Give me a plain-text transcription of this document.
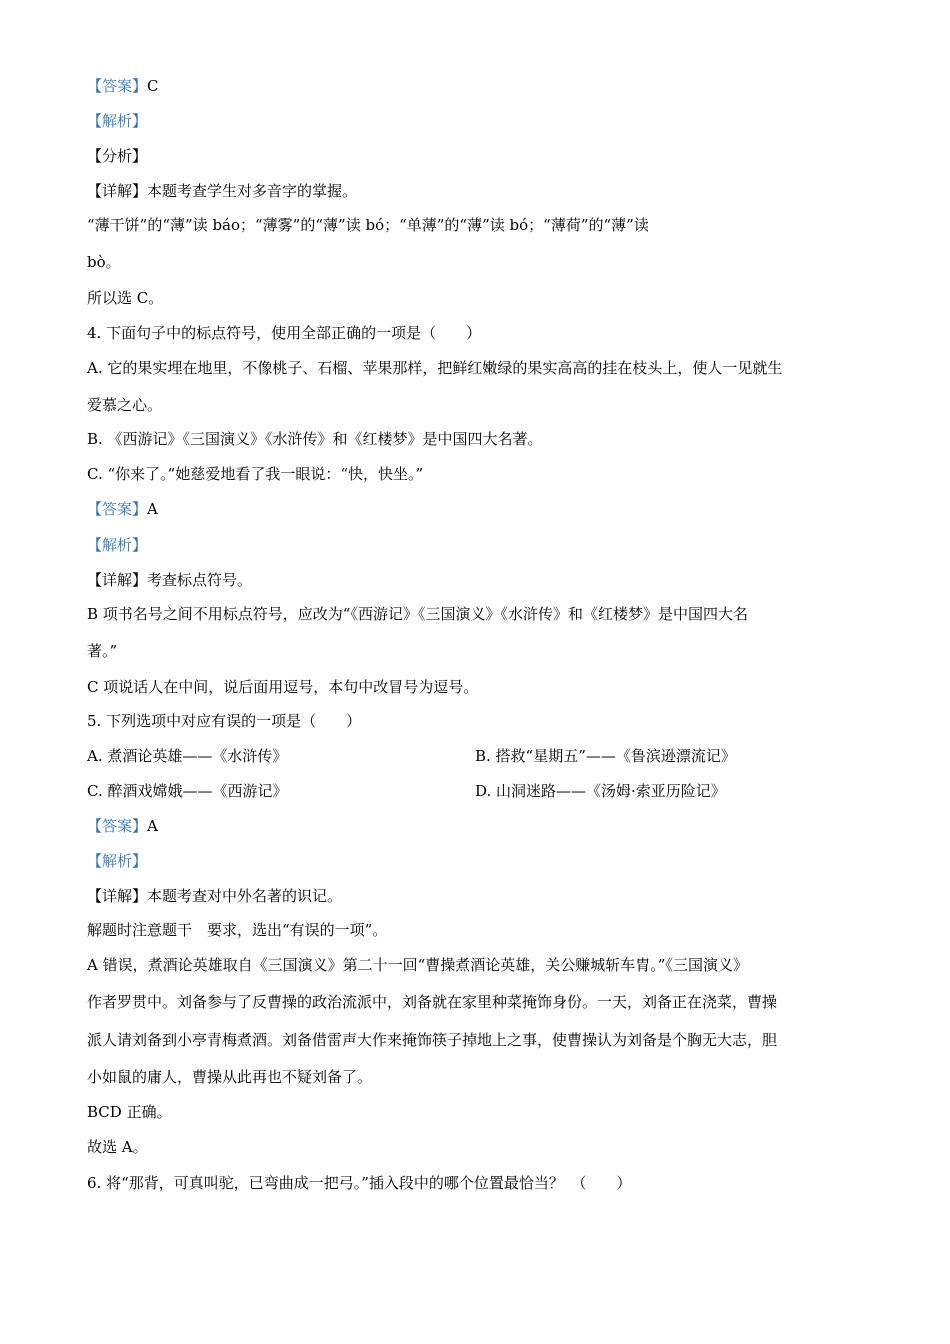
【答案】C
【解析】
【分析】
【详解】本题考查学生对多音字的掌握。
“薄干饼”的“薄”读 báo；“薄雾”的“薄”读 bó；“单薄”的“薄”读 bó；“薄荷”的“薄”读
bò。
所以选 C。
4. 下面句子中的标点符号，使用全部正确的一项是（　　）
A. 它的果实埋在地里，不像桃子、石榴、苹果那样，把鲜红嫩绿的果实高高的挂在枝头上，使人一见就生
爱慕之心。
B. 《西游记》《三国演义》《水浒传》和《红楼梦》是中国四大名著。
C. “你来了。”她慈爱地看了我一眼说：“快，快坐。”
【答案】A
【解析】
【详解】考查标点符号。
B 项书名号之间不用标点符号，应改为“《西游记》《三国演义》《水浒传》和《红楼梦》是中国四大名
著。”
C 项说话人在中间，说后面用逗号，本句中改冒号为逗号。
5. 下列选项中对应有误的一项是（　　）
A. 煮酒论英雄——《水浒传》	B. 搭救“星期五”——《鲁滨逊漂流记》
C. 醉酒戏嫦娥——《西游记》	D. 山洞迷路——《汤姆·索亚历险记》
【答案】A
【解析】
【详解】本题考查对中外名著的识记。
解题时注意题干　要求，选出“有误的一项”。
A 错误，煮酒论英雄取自《三国演义》第二十一回“曹操煮酒论英雄，关公赚城斩车胄。”《三国演义》
作者罗贯中。刘备参与了反曹操的政治流派中，刘备就在家里种菜掩饰身份。一天，刘备正在浇菜，曹操
派人请刘备到小亭青梅煮酒。刘备借雷声大作来掩饰筷子掉地上之事，使曹操认为刘备是个胸无大志，胆
小如鼠的庸人，曹操从此再也不疑刘备了。
BCD 正确。
故选 A。
6. 将“那背，可真叫驼，已弯曲成一把弓。”插入段中的哪个位置最恰当？　（　　）
